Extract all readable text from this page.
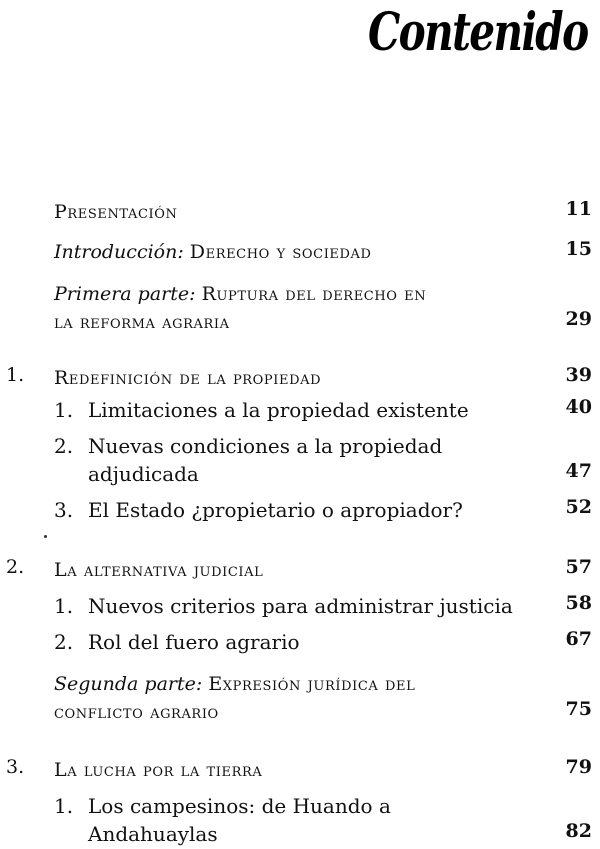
Contenido
Presentación	11
Introducción: Derecho y sociedad	15
Primera parte: Ruptura del derecho en
la reforma agraria	29
1. Redefinición de la propiedad	39
1. Limitaciones a la propiedad existente	40
2. Nuevas condiciones a la propiedad
adjudicada	47
3. El Estado ¿propietario o apropiador?	52
2. La alternativa judicial	57
1. Nuevos criterios para administrar justicia	58
2. Rol del fuero agrario	67
Segunda parte: Expresión jurídica del
conflicto agrario	75
3. La lucha por la tierra	79
1. Los campesinos: de Huando a
Andahuaylas	82
